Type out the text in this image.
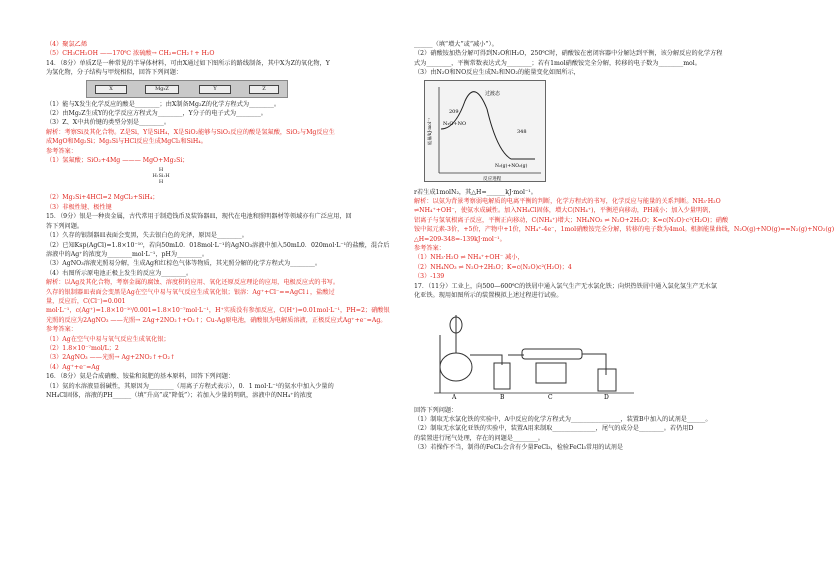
（4）聚氯乙烯
（5）CH₃CH₂OH ——170℃ 浓硫酸→ CH₂=CH₂↑+ H₂O
14．（8分）单质Z是一种常见的半导体材料，可由X通过如下图所示的路线制备，其中X为Z的氧化物，Y
为氢化物，分子结构与甲烷相似，回答下列问题：
X	Mg₂Z	Y	Z
（1）能与X发生化学反应的酸是________；由X制备Mg₂Z的化学方程式为________。
（2）由Mg₂Z生成Y的化学反应方程式为________，Y分子的电子式为________。
（3）Z、X中共价键的类型分别是________。
解析：考察Si及其化合物。Z是Si，Y是SiH₄，X是SiO₂能够与SiO₂反应的酸是氢氟酸，SiO₂与Mg反应生
成MgO和Mg₂Si；Mg₂Si与HCl反应生成MgCl₂和SiH₄。
参考答案：
（1）氢氟酸；SiO₂+4Mg ——— MgO+Mg₂Si；
H
H:Si:H
H
（2）Mg₂Si+4HCl=2 MgCl₂+SiH₄；
（3）非极性键、极性键
15．（9分）银是一种贵金属，古代常用于制造钱币及装饰器皿，现代在电池和照明器材等领域亦有广泛应用，回
答下列问题。
（1）久存的银制器皿表面会变黑，失去银白色的光泽，原因是________。
（2）已知Ksp(AgCl)=1.8×10⁻¹⁰，若向50mL0．018mol·L⁻¹的AgNO₃溶液中加入50mL0．020mol·L⁻¹的盐酸，混合后
溶液中的Ag⁺的浓度为________mol·L⁻¹，pH为________。
（3）AgNO₃溶液光照易分解，生成Ag和红棕色气体等物质，其光照分解的化学方程式为________。
（4）右图所示原电池正极上发生的反应为________。
解析：以Ag及其化合物，考察金属的腐蚀、溶度积的应用、氧化还原反应理论的应用，电极反应式的书写。
久存的银制器皿表面会变黑是Ag在空气中易与氧气反应生成氧化银；银溶：Ag⁺+Cl⁻==AgCl↓，盐酸过
量，反应后，C(Cl⁻)=0.001
mol·L⁻¹，c(Ag⁺)=1.8×10⁻¹⁰/0.001=1.8×10⁻⁷mol·L⁻¹，H⁺实质没有参加反应，C(H⁺)=0.01mol·L⁻¹，PH=2；硝酸银
光照的反应为2AgNO₃ ——光照→ 2Ag+2NO₂↑+O₂↑；Cu-Ag原电池，硝酸银为电解质溶液，正极反应式Ag⁺+e⁻=Ag。
参考答案：
（1）Ag在空气中易与氧气反应生成氧化银；
（2）1.8×10⁻⁷mol/L；2
（3）2AgNO₃ ——光照→ Ag+2NO₂↑+O₂↑
（4）Ag⁺+e⁻=Ag
16．（8分）氨是合成硝酸、铵盐和氮肥的基本原料，回答下列问题：
（1）氨的水溶液显弱碱性，其原因为________（用离子方程式表示），0．1 mol·L⁻¹的氨水中加入少量的
NH₄Cl固体，溶液的PH______（填“升高”或“降低”）；若加入少量的明矾，溶液中的NH₄⁺的浓度
______（填“增大”或“减小”）。
（2）硝酸铵加热分解可得到N₂O和H₂O，250℃时，硝酸铵在密闭容器中分解达到平衡，该分解反应的化学方程
式为________，平衡常数表达式为________；若有1mol硝酸铵完全分解，转移的电子数为________mol。
（3）由N₂O和NO反应生成N₂和NO₂的能量变化如图所示，
N₂O+NO
过渡态
209
348
N₂(g)+NO₂(g)
反应进程
能量/kJ·mol⁻¹
r若生成1molN₂，其△H=______kJ·mol⁻¹。
解析：以氨为背景考察弱电解质的电离平衡的判断，化学方程式的书写，化学反应与能量的关系判断。NH₃·H₂O
⇌NH₄⁺+OH⁻，使氨水成碱性。加入NH₄Cl固体，增大C(NH₄⁺)，平衡逆向移动，PH减小；加入少量明矾，
铝离子与氢氧根离子反应，平衡正向移动，C(NH₄⁺)增大；NH₄NO₃ ⇌ N₂O+2H₂O；K=c(N₂O)·c²(H₂O)；硝酸
铵中氮元素-3价，+5价，产物中+1价，NH₄⁺-4e⁻，1mol硝酸铵完全分解，转移的电子数为4mol。根据能量曲线，N₂O(g)+NO(g)==N₂(g)+NO₂(g)
△H=209-348=-139kJ·mol⁻¹。
参考答案：
（1）NH₃·H₂O ⇌ NH₄⁺+OH⁻ 减小，
（2）NH₄NO₃ ⇌ N₂O+2H₂O；K=c(N₂O)c²(H₂O)；4
（3）-139
17．（11分）工业上，向500—600℃的铁屑中通入氯气生产无水氯化铁；向炽热铁屑中通入氯化氢生产无水氯
化亚铁。现用如图所示的装置模拟上述过程进行试验。
A	B	C	D
回答下列问题：
（1）制取无水氯化铁的实验中，A中反应的化学方程式为________________，装置B中加入的试剂是______。
（2）制取无水氯化亚铁的实验中，装置A用来制取______________，尾气的成分是________。若仍用D
的装置进行尾气处理，存在的问题是________。
（3）若操作不当，制得的FeCl₂会含有少量FeCl₃，检验FeCl₃常用的试剂是
